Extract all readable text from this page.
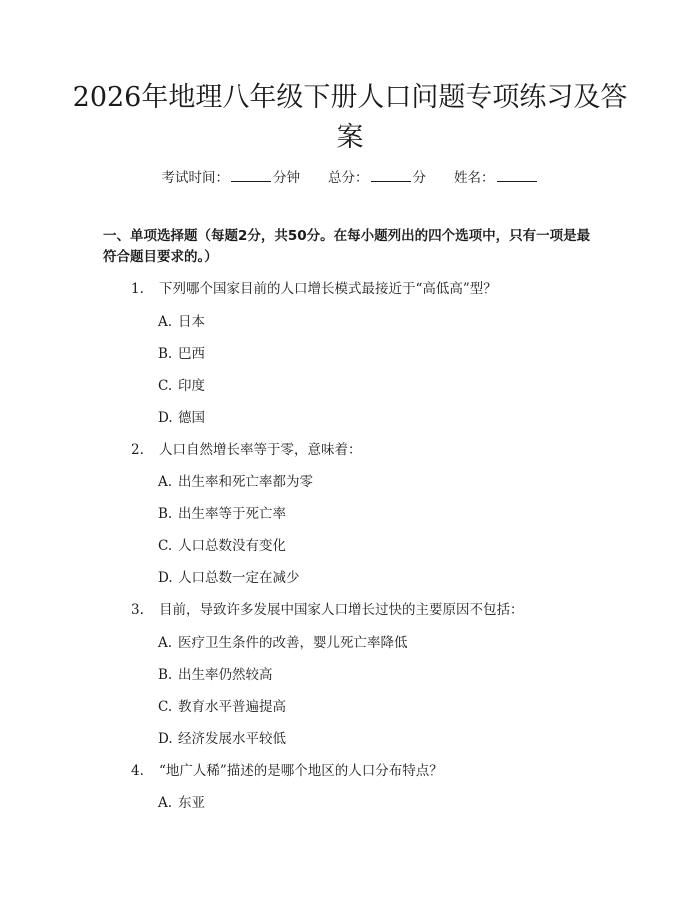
2026年地理八年级下册人口问题专项练习及答案
考试时间：	分钟 总分：	分 姓名：

一、单项选择题（每题2分，共50分。在每小题列出的四个选项中，只有一项是最符合题目要求的。）

1. 下列哪个国家目前的人口增长模式最接近于“高低高”型？
A. 日本
B. 巴西
C. 印度
D. 德国
2. 人口自然增长率等于零，意味着：
A. 出生率和死亡率都为零
B. 出生率等于死亡率
C. 人口总数没有变化
D. 人口总数一定在减少
3. 目前，导致许多发展中国家人口增长过快的主要原因不包括：
A. 医疗卫生条件的改善，婴儿死亡率降低
B. 出生率仍然较高
C. 教育水平普遍提高
D. 经济发展水平较低
4. “地广人稀”描述的是哪个地区的人口分布特点？
A. 东亚
